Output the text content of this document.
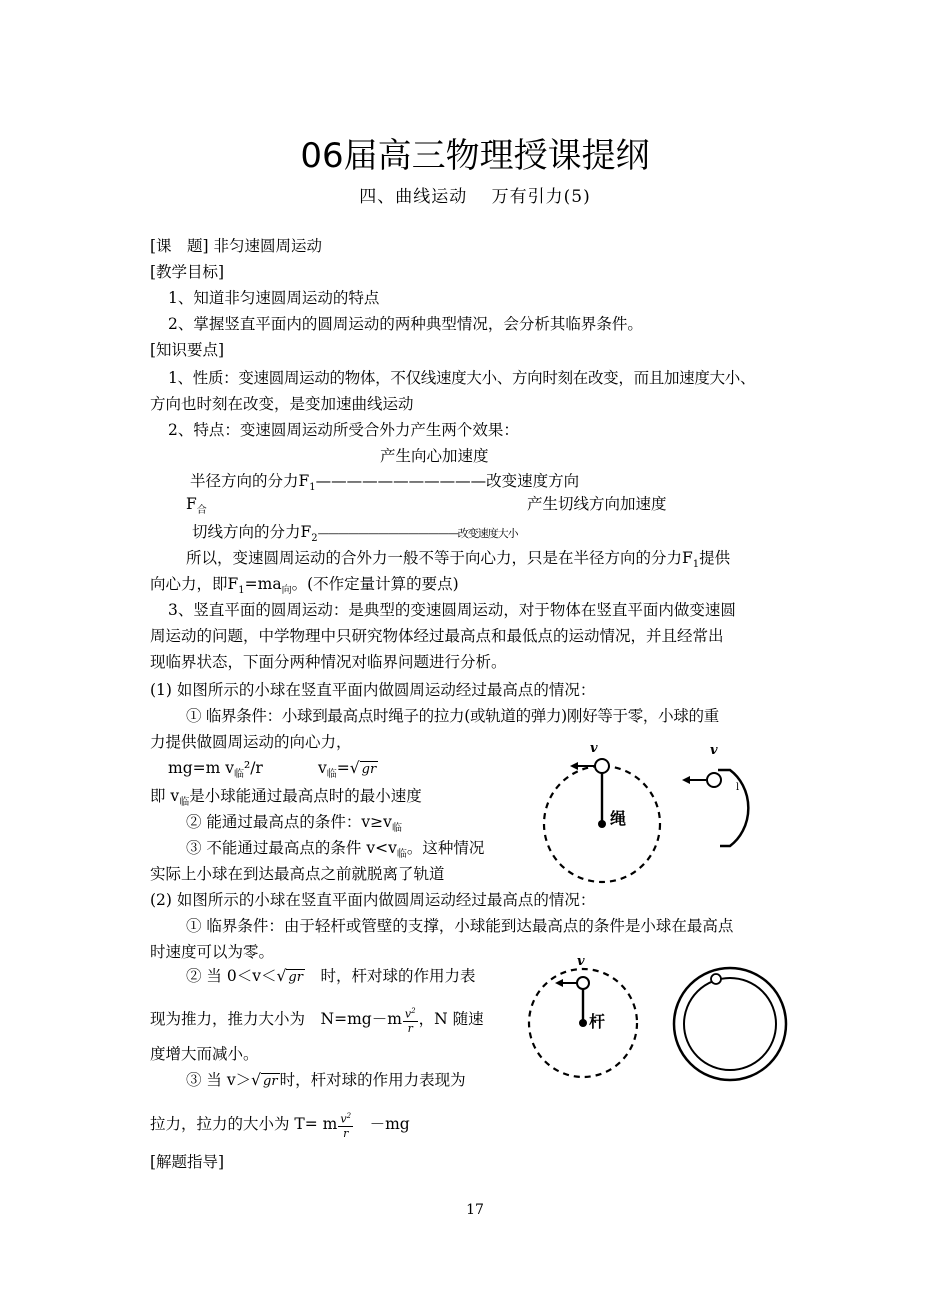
06届高三物理授课提纲
四、曲线运动　 万有引力(5)
[课　题] 非匀速圆周运动
[教学目标]
1、知道非匀速圆周运动的特点
2、掌握竖直平面内的圆周运动的两种典型情况，会分析其临界条件。
[知识要点]
1、性质：变速圆周运动的物体，不仅线速度大小、方向时刻在改变，而且加速度大小、
方向也时刻在改变，是变加速曲线运动
2、特点：变速圆周运动所受合外力产生两个效果：
产生向心加速度
半径方向的分力$F_1———————————$改变速度方向
$F_合$	产生切线方向加速度
切线方向的分力$F_2——————————————$改变速度大小
所以，变速圆周运动的合外力一般不等于向心力，只是在半径方向的分力$F_1$提供
向心力，即$F_1=ma_向$。(不作定量计算的要点)
3、竖直平面的圆周运动：是典型的变速圆周运动，对于物体在竖直平面内做变速圆
周运动的问题，中学物理中只研究物体经过最高点和最低点的运动情况，并且经常出
现临界状态，下面分两种情况对临界问题进行分析。
(1) 如图所示的小球在竖直平面内做圆周运动经过最高点的情况：
① 临界条件：小球到最高点时绳子的拉力(或轨道的弹力)刚好等于零，小球的重
力提供做圆周运动的向心力，
mg=m $v_临^2/r$	$v_临=√$ gr
即 $v_临$是小球能通过最高点时的最小速度
② 能通过最高点的条件：$v\ge v_临$
③ 不能通过最高点的条件 $v<v_临$。这种情况
实际上小球在到达最高点之前就脱离了轨道
(2) 如图所示的小球在竖直平面内做圆周运动经过最高点的情况：
① 临界条件：由于轻杆或管壁的支撑，小球能到达最高点的条件是小球在最高点
时速度可以为零。
② 当 0＜v＜√ gr　 时，杆对球的作用力表
现为推力，推力大小为　 $N=mg-m \frac{v^2}{r}$ ，N 随速
度增大而减小。
③ 当 v＞√ gr 时，杆对球的作用力表现为
拉力，拉力的大小为 T= m $\frac{v^2}{r}$
　 －mg
[解题指导]
17
v
绳
v
l
v
杆
